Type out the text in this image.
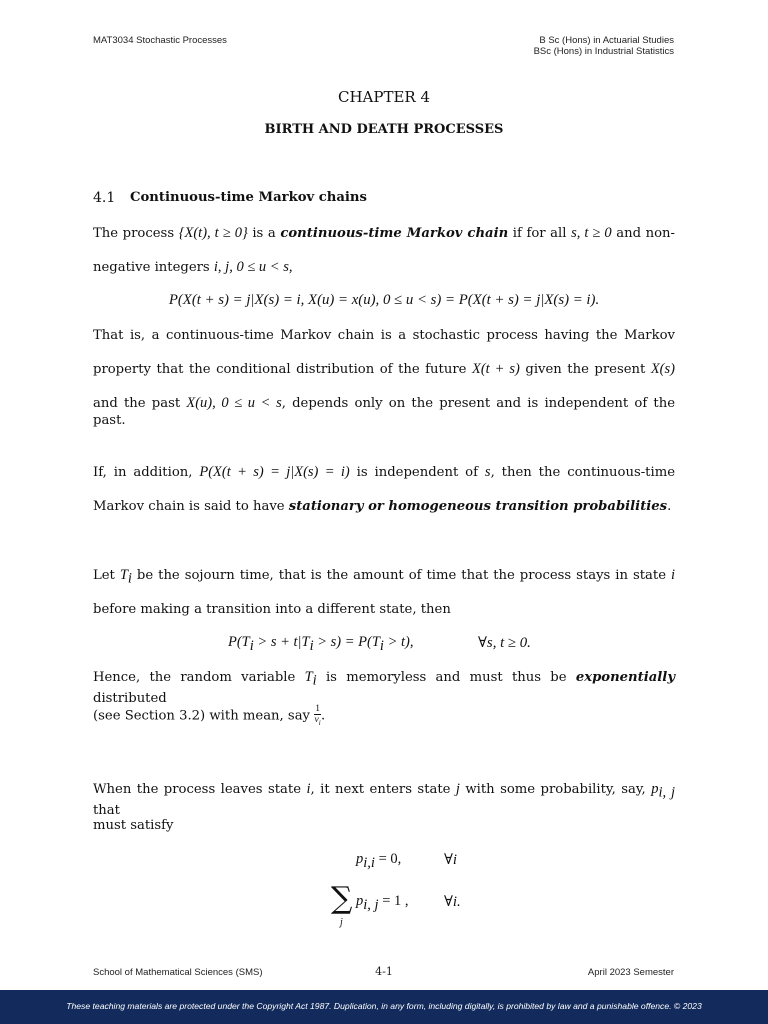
MAT3034 Stochastic Processes	B Sc (Hons) in Actuarial Studies
BSc (Hons) in Industrial Statistics
CHAPTER 4
BIRTH AND DEATH PROCESSES
4.1 Continuous-time Markov chains
The process {X(t), t ≥ 0} is a continuous-time Markov chain if for all s, t ≥ 0 and non-
negative integers i, j, 0 ≤ u < s,
P(X(t + s) = j|X(s) = i, X(u) = x(u), 0 ≤ u < s) = P(X(t + s) = j|X(s) = i).
That is, a continuous-time Markov chain is a stochastic process having the Markov
property that the conditional distribution of the future X(t + s) given the present X(s)
and the past X(u), 0 ≤ u < s, depends only on the present and is independent of the past.
If, in addition, P(X(t + s) = j|X(s) = i) is independent of s, then the continuous-time
Markov chain is said to have stationary or homogeneous transition probabilities.
Let $T_i$ be the sojourn time, that is the amount of time that the process stays in state i
before making a transition into a different state, then
$P(T_i > s + t|T_i > s) = P(T_i > t)$,	∀s, t ≥ 0.
Hence, the random variable $T_i$ is memoryless and must thus be exponentially distributed
(see Section 3.2) with mean, say $\frac{1}{v_i}$ .
When the process leaves state i, it next enters state j with some probability, say, $p_{i, j}$ that
must satisfy
$p_{i,i} = 0$,	∀i
∑
j
$p_{i, j} = 1$ , ∀i.
School of Mathematical Sciences (SMS)	4-1	April 2023 Semester
These teaching materials are protected under the Copyright Act 1987. Duplication, in any form, including digitally, is prohibited by law and a punishable offence. © 2023
